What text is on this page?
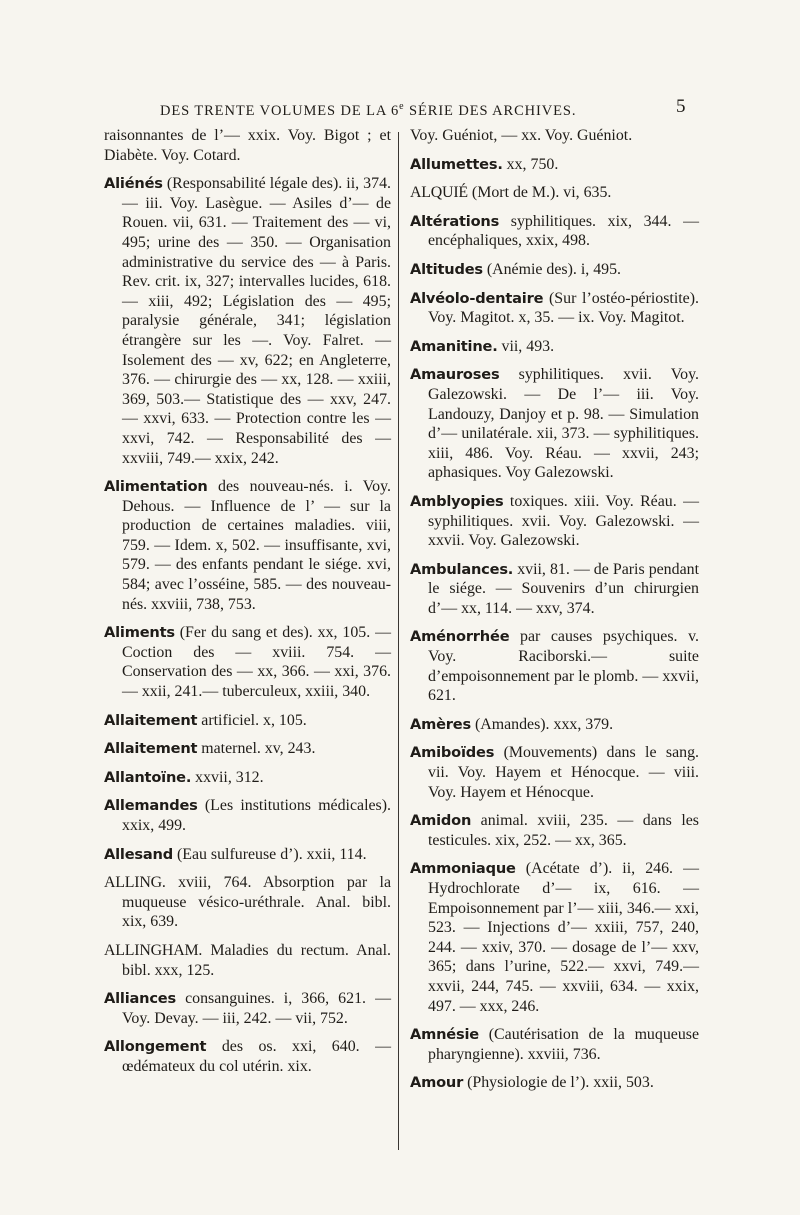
DES TRENTE VOLUMES DE LA 6e SÉRIE DES ARCHIVES.	5
raisonnantes de l’— xxix. Voy. Bigot ; et Diabète. Voy. Cotard.
Aliénés (Responsabilité légale des). ii, 374. — iii. Voy. Lasègue. — Asiles d’— de Rouen. vii, 631. — Traitement des — vi, 495; urine des — 350. — Organisation administrative du service des — à Paris. Rev. crit. ix, 327; intervalles lucides, 618. — xiii, 492; Législation des — 495; paralysie générale, 341; législation étrangère sur les —. Voy. Falret. — Isolement des — xv, 622; en Angleterre, 376. — chirurgie des — xx, 128. — xxiii, 369, 503.— Statistique des — xxv, 247. — xxvi, 633. — Protection contre les — xxvi, 742. — Responsabilité des — xxviii, 749.— xxix, 242.
Alimentation des nouveau-nés. i. Voy. Dehous. — Influence de l’ — sur la production de certaines maladies. viii, 759. — Idem. x, 502. — insuffisante, xvi, 579. — des enfants pendant le siége. xvi, 584; avec l’osséine, 585. — des nouveau-nés. xxviii, 738, 753.
Aliments (Fer du sang et des). xx, 105. — Coction des — xviii. 754. — Conservation des — xx, 366. — xxi, 376. — xxii, 241.— tuberculeux, xxiii, 340.
Allaitement artificiel. x, 105.
Allaitement maternel. xv, 243.
Allantoïne. xxvii, 312.
Allemandes (Les institutions médicales). xxix, 499.
Allesand (Eau sulfureuse d’). xxii, 114.
ALLING. xviii, 764. Absorption par la muqueuse vésico-uréthrale. Anal. bibl. xix, 639.
ALLINGHAM. Maladies du rectum. Anal. bibl. xxx, 125.
Alliances consanguines. i, 366, 621. — Voy. Devay. — iii, 242. — vii, 752.
Allongement des os. xxi, 640. — œdémateux du col utérin. xix.
Voy. Guéniot, — xx. Voy. Guéniot.
Allumettes. xx, 750.
ALQUIÉ (Mort de M.). vi, 635.
Altérations syphilitiques. xix, 344. — encéphaliques, xxix, 498.
Altitudes (Anémie des). i, 495.
Alvéolo-dentaire (Sur l’ostéo-périostite). Voy. Magitot. x, 35. — ix. Voy. Magitot.
Amanitine. vii, 493.
Amauroses syphilitiques. xvii. Voy. Galezowski. — De l’— iii. Voy. Landouzy, Danjoy et p. 98. — Simulation d’— unilatérale. xii, 373. — syphilitiques. xiii, 486. Voy. Réau. — xxvii, 243; aphasiques. Voy Galezowski.
Amblyopies toxiques. xiii. Voy. Réau. — syphilitiques. xvii. Voy. Galezowski. — xxvii. Voy. Galezowski.
Ambulances. xvii, 81. — de Paris pendant le siége. — Souvenirs d’un chirurgien d’— xx, 114. — xxv, 374.
Aménorrhée par causes psychiques. v. Voy. Raciborski.— suite d’empoisonnement par le plomb. — xxvii, 621.
Amères (Amandes). xxx, 379.
Amiboïdes (Mouvements) dans le sang. vii. Voy. Hayem et Hénocque. — viii. Voy. Hayem et Hénocque.
Amidon animal. xviii, 235. — dans les testicules. xix, 252. — xx, 365.
Ammoniaque (Acétate d’). ii, 246. — Hydrochlorate d’— ix, 616. — Empoisonnement par l’— xiii, 346.— xxi, 523. — Injections d’— xxiii, 757, 240, 244. — xxiv, 370. — dosage de l’— xxv, 365; dans l’urine, 522.— xxvi, 749.— xxvii, 244, 745. — xxviii, 634. — xxix, 497. — xxx, 246.
Amnésie (Cautérisation de la muqueuse pharyngienne). xxviii, 736.
Amour (Physiologie de l’). xxii, 503.
